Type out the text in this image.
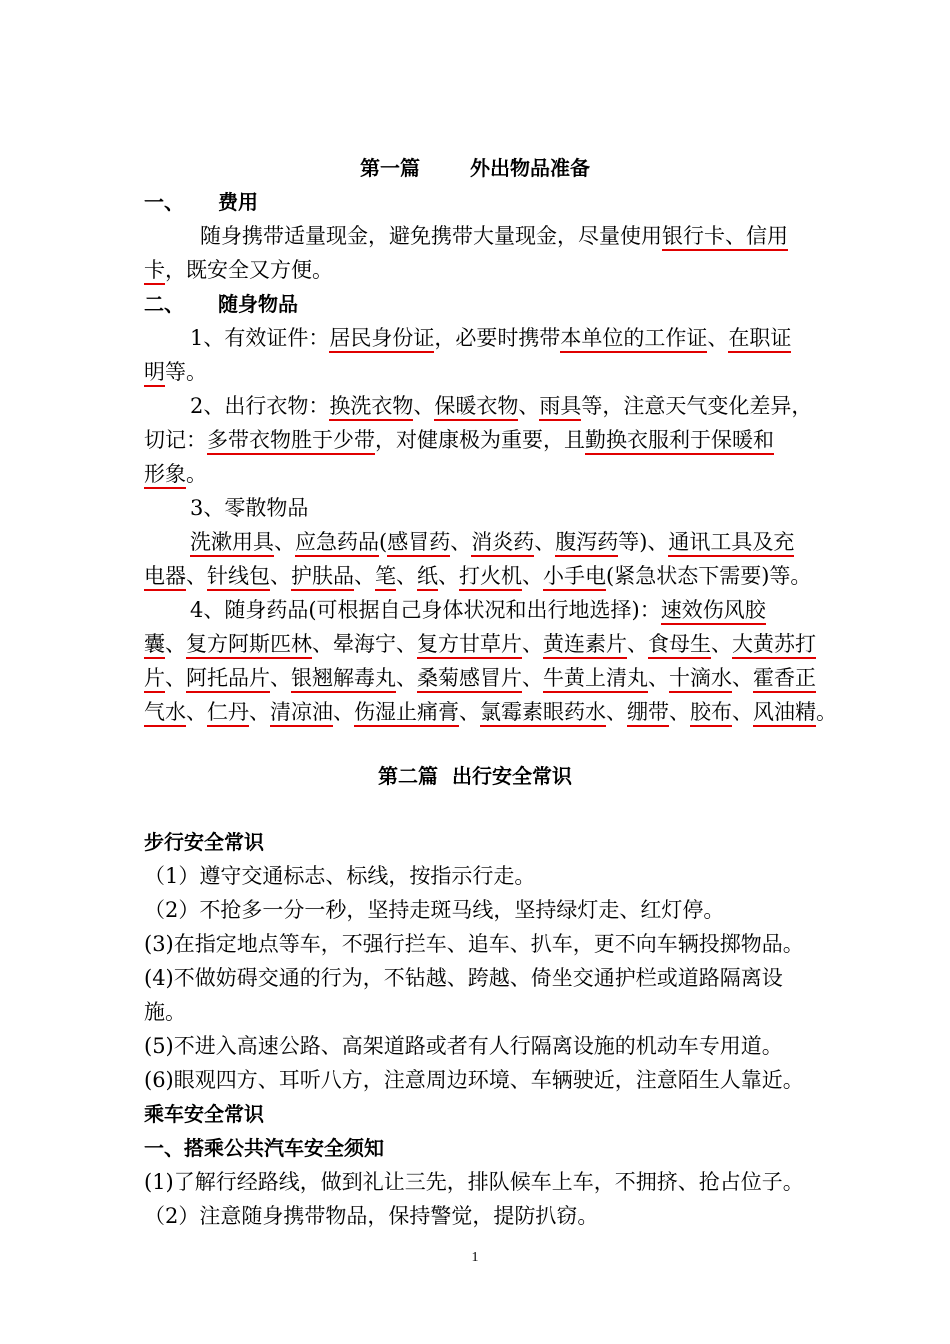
第一篇	外出物品准备
一、 费用
随身携带适量现金，避免携带大量现金，尽量使用银行卡、信用
卡，既安全又方便。
二、 随身物品
1、有效证件：居民身份证，必要时携带本单位的工作证、在职证
明等。
2、出行衣物：换洗衣物、保暖衣物、雨具等，注意天气变化差异，
切记：多带衣物胜于少带，对健康极为重要，且勤换衣服利于保暖和
形象。
3、零散物品
洗漱用具、应急药品(感冒药、消炎药、腹泻药等)、通讯工具及充
电器、针线包、护肤品、笔、纸、打火机、小手电(紧急状态下需要)等。
4、随身药品(可根据自己身体状况和出行地选择)：速效伤风胶
囊、复方阿斯匹林、晕海宁、复方甘草片、黄连素片、食母生、大黄苏打
片、阿托品片、银翘解毒丸、桑菊感冒片、牛黄上清丸、十滴水、霍香正
气水、仁丹、清凉油、伤湿止痛膏、氯霉素眼药水、绷带、胶布、风油精。
第二篇  出行安全常识
步行安全常识
（1）遵守交通标志、标线，按指示行走。
（2）不抢多一分一秒，坚持走斑马线，坚持绿灯走、红灯停。
(3)在指定地点等车，不强行拦车、追车、扒车，更不向车辆投掷物品。
(4)不做妨碍交通的行为，不钻越、跨越、倚坐交通护栏或道路隔离设
施。
(5)不进入高速公路、高架道路或者有人行隔离设施的机动车专用道。
(6)眼观四方、耳听八方，注意周边环境、车辆驶近，注意陌生人靠近。
乘车安全常识
一、搭乘公共汽车安全须知
(1)了解行经路线，做到礼让三先，排队候车上车，不拥挤、抢占位子。
（2）注意随身携带物品，保持警觉，提防扒窃。
1
